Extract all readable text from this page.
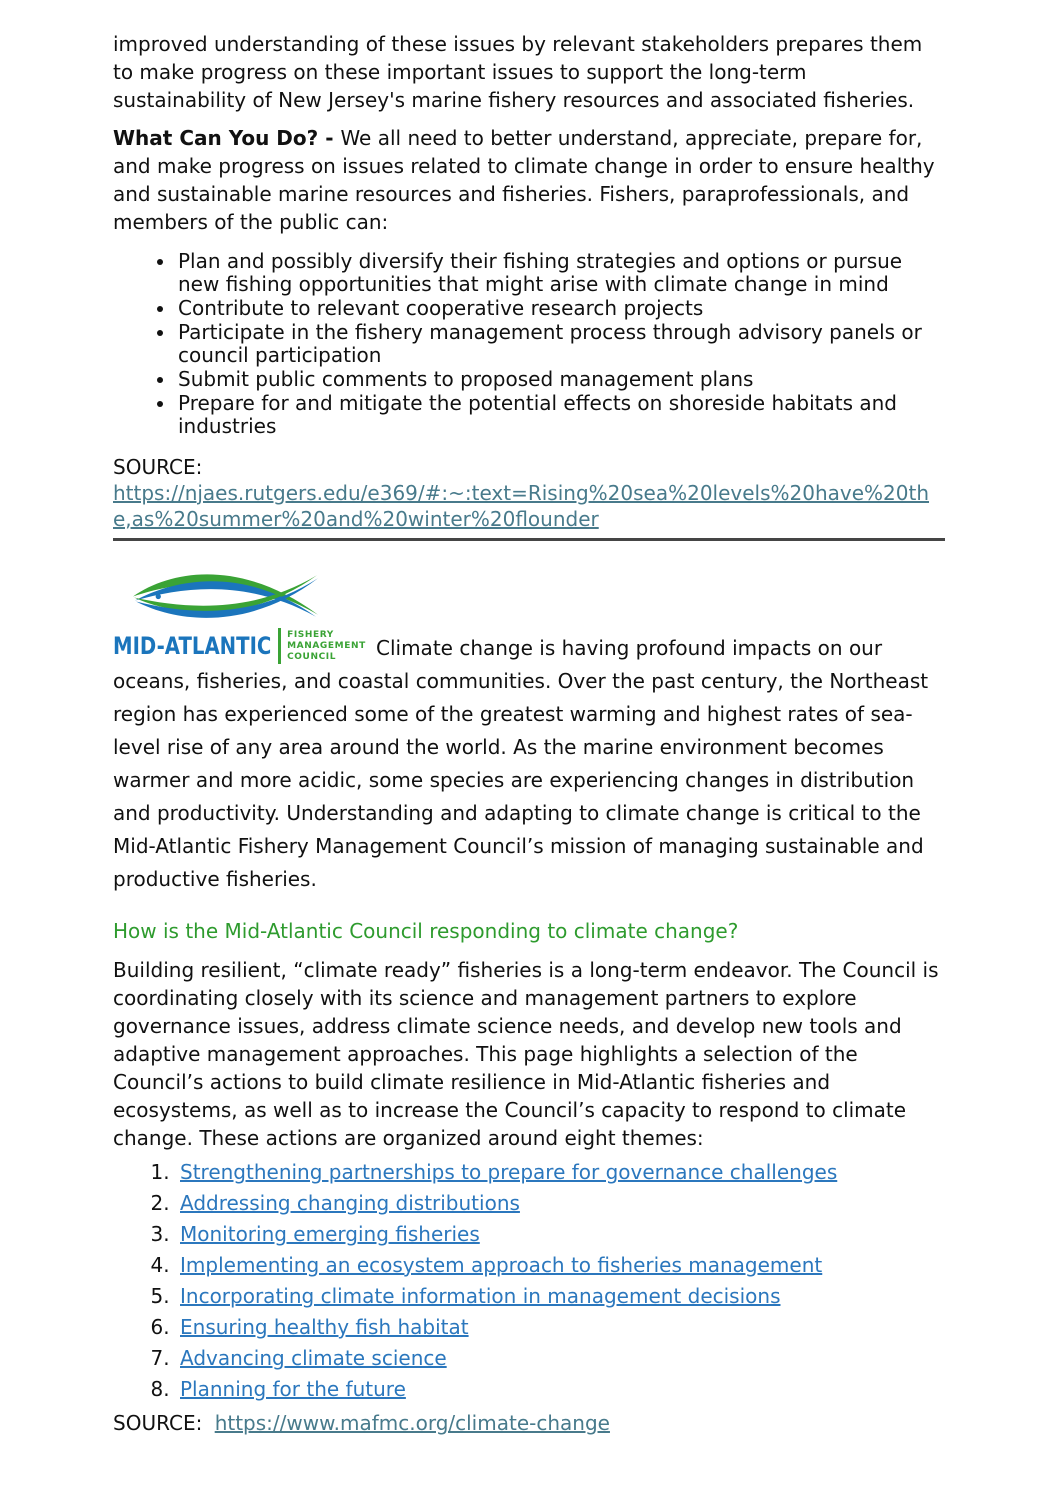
improved understanding of these issues by relevant stakeholders prepares them to make progress on these important issues to support the long-term sustainability of New Jersey's marine fishery resources and associated fisheries.

What Can You Do? - We all need to better understand, appreciate, prepare for, and make progress on issues related to climate change in order to ensure healthy and sustainable marine resources and fisheries. Fishers, paraprofessionals, and members of the public can:

• Plan and possibly diversify their fishing strategies and options or pursue new fishing opportunities that might arise with climate change in mind
• Contribute to relevant cooperative research projects
• Participate in the fishery management process through advisory panels or council participation
• Submit public comments to proposed management plans
• Prepare for and mitigate the potential effects on shoreside habitats and industries
SOURCE:
https://njaes.rutgers.edu/e369/#:~:text=Rising%20sea%20levels%20have%20the,as%20summer%20and%20winter%20flounder

MID-ATLANTIC FISHERY
MANAGEMENT
COUNCIL	Climate change is having profound impacts on our oceans, fisheries, and coastal communities. Over the past century, the Northeast region has experienced some of the greatest warming and highest rates of sea-level rise of any area around the world. As the marine environment becomes warmer and more acidic, some species are experiencing changes in distribution and productivity. Understanding and adapting to climate change is critical to the Mid-Atlantic Fishery Management Council’s mission of managing sustainable and productive fisheries.

How is the Mid-Atlantic Council responding to climate change?

Building resilient, “climate ready” fisheries is a long-term endeavor. The Council is coordinating closely with its science and management partners to explore governance issues, address climate science needs, and develop new tools and adaptive management approaches. This page highlights a selection of the Council’s actions to build climate resilience in Mid-Atlantic fisheries and ecosystems, as well as to increase the Council’s capacity to respond to climate change. These actions are organized around eight themes:

1. Strengthening partnerships to prepare for governance challenges
2. Addressing changing distributions
3. Monitoring emerging fisheries
4. Implementing an ecosystem approach to fisheries management
5. Incorporating climate information in management decisions
6. Ensuring healthy fish habitat
7. Advancing climate science
8. Planning for the future

SOURCE: https://www.mafmc.org/climate-change
